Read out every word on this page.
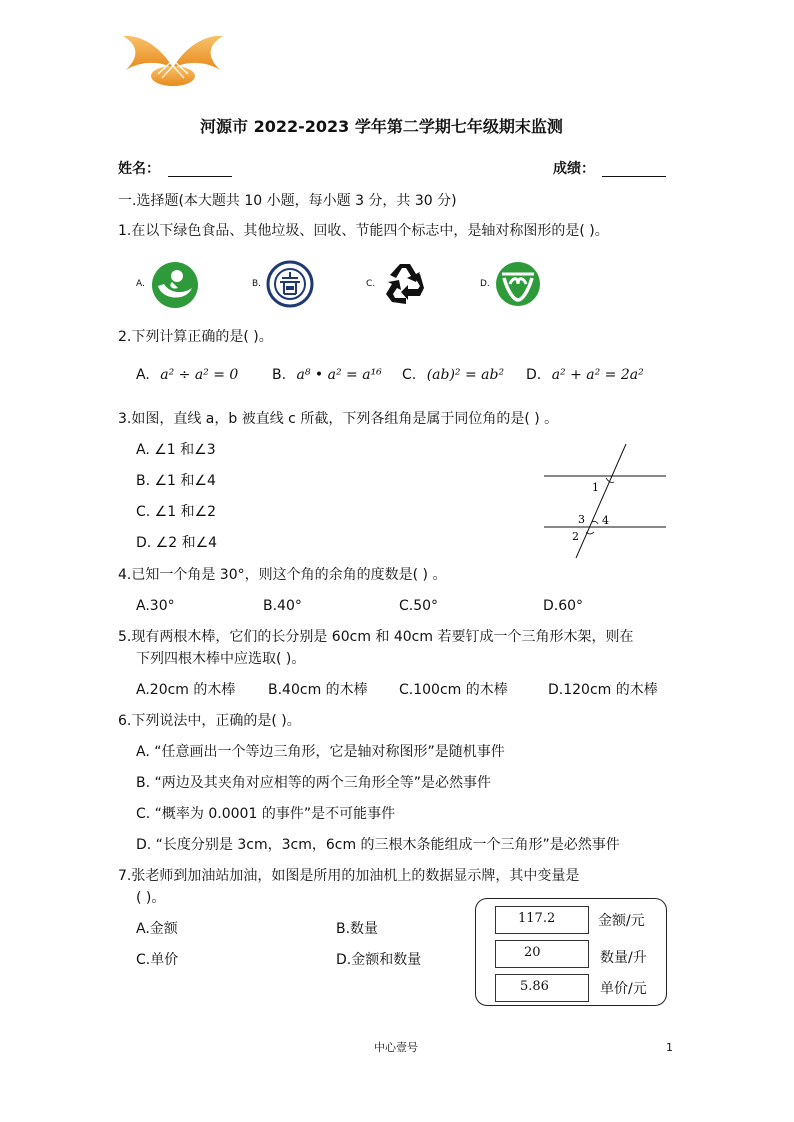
河源市 2022-2023 学年第二学期七年级期末监测
姓名：	成绩：
一.选择题(本大题共 10 小题，每小题 3 分，共 30 分)
1.在以下绿色食品、其他垃圾、回收、节能四个标志中，是轴对称图形的是( )。
A.	B.	C.	D.
2.下列计算正确的是( )。
A. a² ÷ a² = 0 B. a⁸ • a² = a¹⁶ C. (ab)² = ab² D. a² + a² = 2a²
3.如图，直线 a，b 被直线 c 所截，下列各组角是属于同位角的是( ) 。
A. ∠1 和∠3
B. ∠1 和∠4
C. ∠1 和∠2
D. ∠2 和∠4
1
3 4
2
4.已知一个角是 30°，则这个角的余角的度数是( ) 。
A.30°	B.40°	C.50°	D.60°
5.现有两根木棒，它们的长分别是 60cm 和 40cm 若要钉成一个三角形木架，则在
下列四根木棒中应选取( )。
A.20cm 的木棒 B.40cm 的木棒 C.100cm 的木棒	D.120cm 的木棒
6.下列说法中，正确的是( )。
A. “任意画出一个等边三角形，它是轴对称图形”是随机事件
B. “两边及其夹角对应相等的两个三角形全等”是必然事件
C. “概率为 0.0001 的事件”是不可能事件
D. “长度分别是 3cm，3cm，6cm 的三根木条能组成一个三角形”是必然事件
7.张老师到加油站加油，如图是所用的加油机上的数据显示牌，其中变量是
( )。
A.金额	B.数量
C.单价	D.金额和数量
117.2	金额/元
20	数量/升
5.86	单价/元
中心壹号	1
